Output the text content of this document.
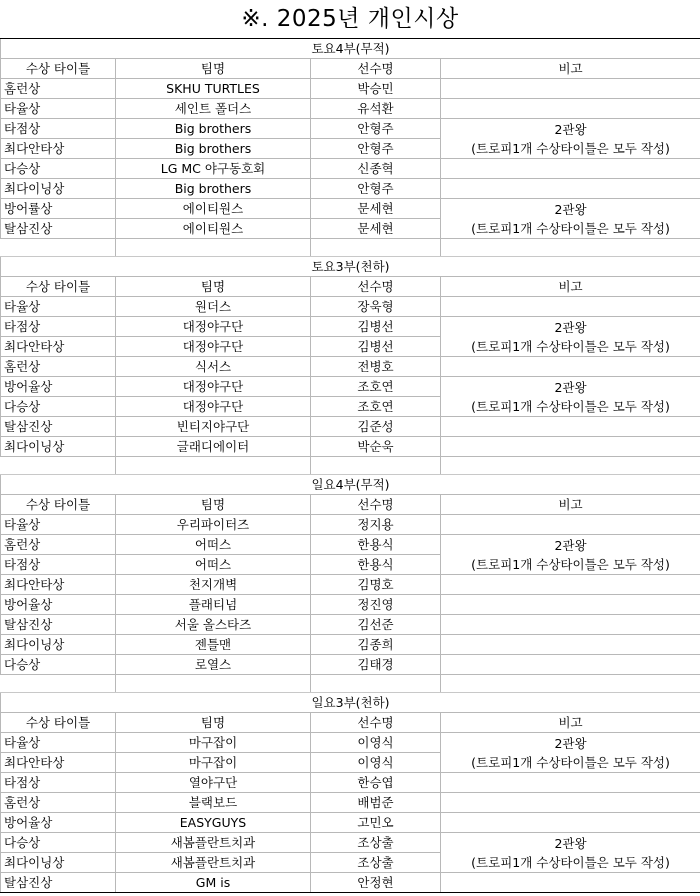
※. 2025년 개인시상
토요4부(무적)			
수상 타이틀	팀명	선수명	비고
홈런상	SKHU TURTLES	박승민	
타율상	세인트 폴더스	유석환	
타점상	Big brothers	안형주	2관왕
(트로피1개 수상타이틀은 모두 작성)

최다안타상	Big brothers	안형주	
다승상	LG MC 야구동호회	신종혁	
최다이닝상	Big brothers	안형주	
방어률상	에이티원스	문세현	2관왕
(트로피1개 수상타이틀은 모두 작성)

탈삼진상	에이티원스	문세현	

토요3부(천하)			
수상 타이틀	팀명	선수명	비고
타율상	원더스	장욱형	
타점상	대정야구단	김병선	2관왕
(트로피1개 수상타이틀은 모두 작성)

최다안타상	대정야구단	김병선	
홈런상	식서스	전병호	
방어율상	대정야구단	조호연	2관왕
(트로피1개 수상타이틀은 모두 작성)

다승상	대정야구단	조호연	
탈삼진상	빈티지야구단	김준성	
최다이닝상	글래디에이터	박순욱	

일요4부(무적)			
수상 타이틀	팀명	선수명	비고
타율상	우리파이터즈	정지용	
홈런상	어떠스	한용식	2관왕
(트로피1개 수상타이틀은 모두 작성)

타점상	어떠스	한용식	
최다안타상	천지개벽	김명호	
방어율상	플래티넘	정진영	
탈삼진상	서울 올스타즈	김선준	
최다이닝상	젠틀맨	김종희	
다승상	로열스	김태경	

일요3부(천하)			
수상 타이틀	팀명	선수명	비고
타율상	마구잡이	이영식	2관왕
(트로피1개 수상타이틀은 모두 작성)

최다안타상	마구잡이	이영식	
타점상	열야구단	한승엽	
홈런상	블랙보드	배범준	
방어율상	EASYGUYS	고민오	
다승상	새봄플란트치과	조상출	2관왕
(트로피1개 수상타이틀은 모두 작성)

최다이닝상	새봄플란트치과	조상출	
탈삼진상	GM is	안정현	
